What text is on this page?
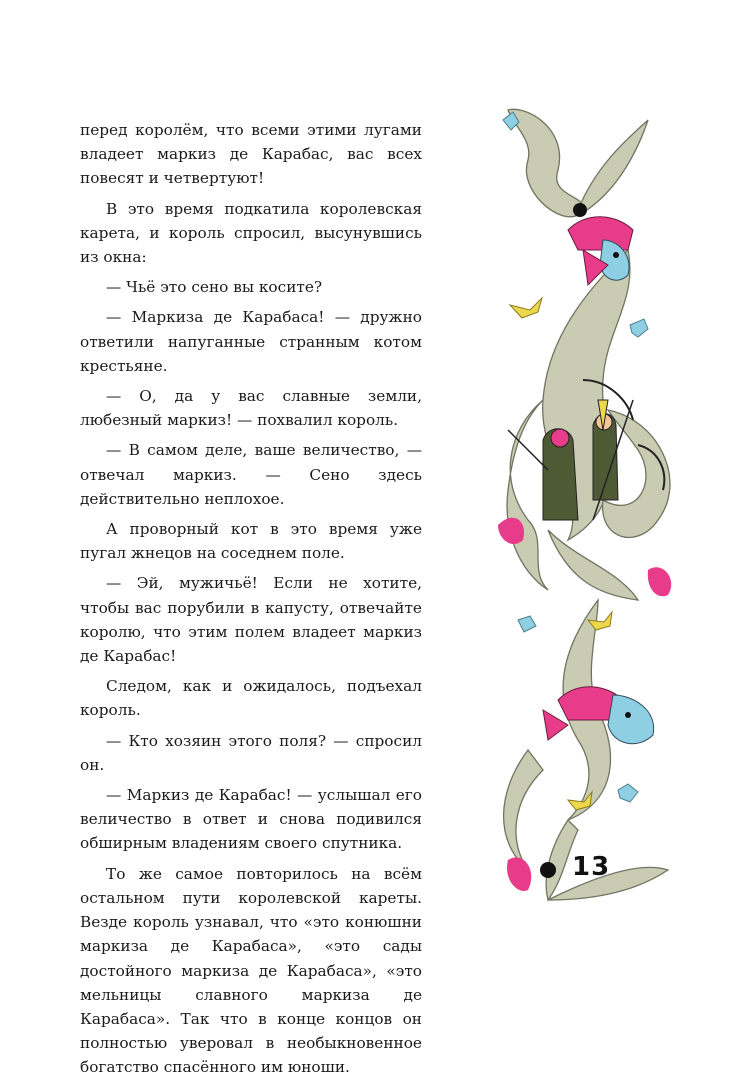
перед королём, что всеми этими лугами владеет маркиз де Карабас, вас всех повесят и четвертуют!

В это время подкатила королевская карета, и король спросил, высунувшись из окна:

— Чьё это сено вы косите?

— Маркиза де Карабаса! — дружно ответили напуганные странным котом крестьяне.

— О, да у вас славные земли, любезный маркиз! — похвалил король.

— В самом деле, ваше величество, — отвечал маркиз. — Сено здесь действительно неплохое.

А проворный кот в это время уже пугал жнецов на соседнем поле.

— Эй, мужичьё! Если не хотите, чтобы вас порубили в капусту, отвечайте королю, что этим полем владеет маркиз де Карабас!

Следом, как и ожидалось, подъехал король.

— Кто хозяин этого поля? — спросил он.

— Маркиз де Карабас! — услышал его величество в ответ и снова подивился обширным владениям своего спутника.

То же самое повторилось на всём остальном пути королевской кареты. Везде король узнавал, что «это конюшни маркиза де Карабаса», «это сады достойного маркиза де Карабаса», «это мельницы славного маркиза де Карабаса». Так что в конце концов он полностью уверовал в необыкновенное богатство спасённого им юноши.

13
